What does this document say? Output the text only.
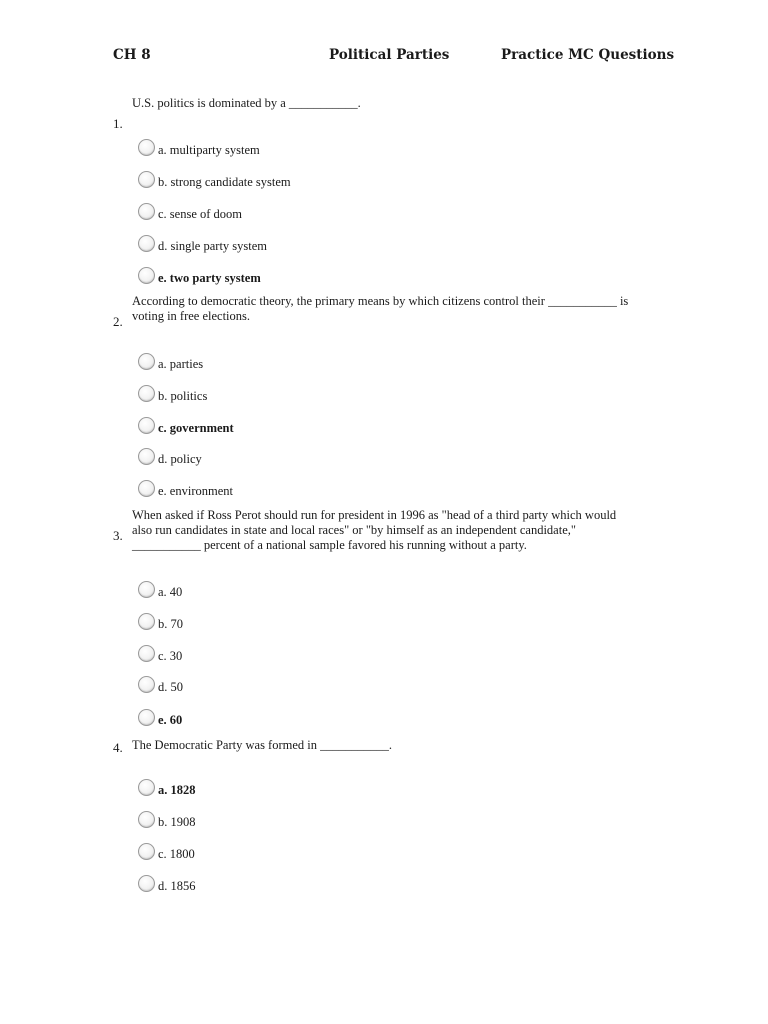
CH 8	Political Parties	Practice MC Questions
U.S. politics is dominated by a ___________.
1.
a. multiparty system
b. strong candidate system
c. sense of doom
d. single party system
e. two party system
According to democratic theory, the primary means by which citizens control their ___________ is voting in free elections.
2.
a. parties
b. politics
c. government
d. policy
e. environment
When asked if Ross Perot should run for president in 1996 as "head of a third party which would also run candidates in state and local races" or "by himself as an independent candidate," ___________ percent of a national sample favored his running without a party.
3.
a. 40
b. 70
c. 30
d. 50
e. 60
The Democratic Party was formed in ___________.
4.
a. 1828
b. 1908
c. 1800
d. 1856
